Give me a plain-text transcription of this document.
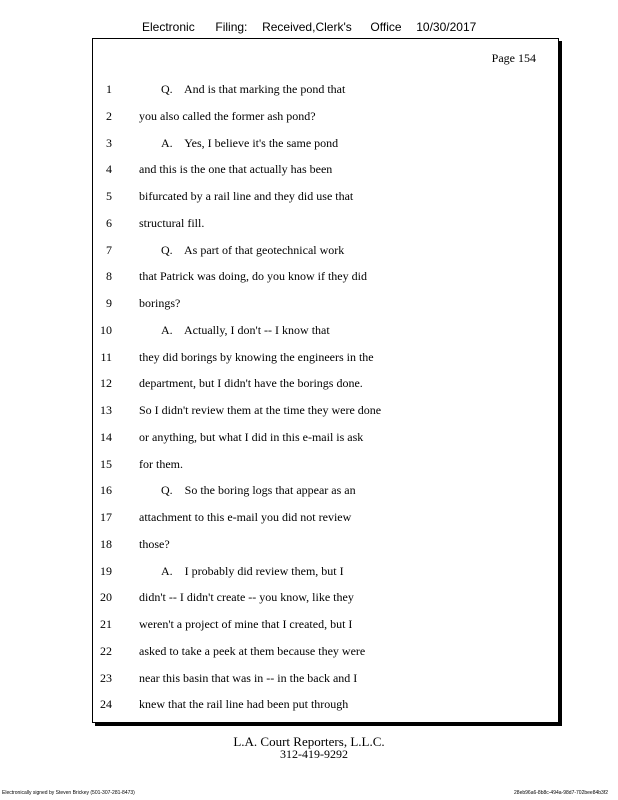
Electronic Filing: Received,Clerk's Office 10/30/2017

Page 154

1	Q.    And is that marking the pond that
2 you also called the former ash pond?
3	A.    Yes, I believe it's the same pond
4 and this is the one that actually has been
5 bifurcated by a rail line and they did use that
6 structural fill.
7	Q.    As part of that geotechnical work
8 that Patrick was doing, do you know if they did
9 borings?
10	A.    Actually, I don't -- I know that
11 they did borings by knowing the engineers in the
12 department, but I didn't have the borings done.
13 So I didn't review them at the time they were done
14 or anything, but what I did in this e-mail is ask
15 for them.
16	Q.    So the boring logs that appear as an
17 attachment to this e-mail you did not review
18 those?
19	A.    I probably did review them, but I
20 didn't -- I didn't create -- you know, like they
21 weren't a project of mine that I created, but I
22 asked to take a peek at them because they were
23 near this basin that was in -- in the back and I
24 knew that the rail line had been put through

L.A. Court Reporters, L.L.C.

312-419-9292

Electronically signed by Steven Brickey (501-307-281-8473)	28eb96a6-8b8c-494a-98d7-702bee84b3f2
